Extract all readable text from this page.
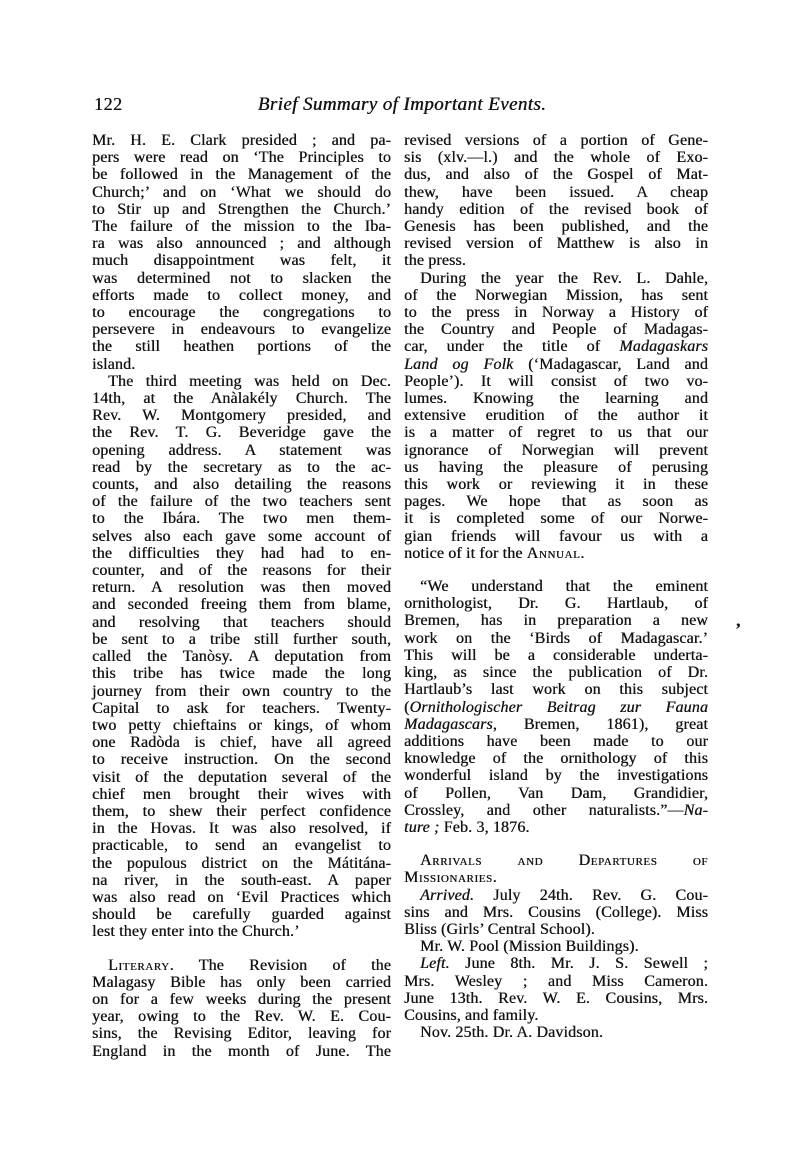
122	Brief Summary of Important Events.
Mr. H. E. Clark presided ; and pa-
pers were read on ‘The Principles to
be followed in the Management of the
Church;’ and on ‘What we should do
to Stir up and Strengthen the Church.’
The failure of the mission to the Iba-
ra was also announced ; and although
much disappointment was felt, it
was determined not to slacken the
efforts made to collect money, and
to encourage the congregations to
persevere in endeavours to evangelize
the still heathen portions of the
island.
The third meeting was held on Dec.
14th, at the Anàlakély Church. The
Rev. W. Montgomery presided, and
the Rev. T. G. Beveridge gave the
opening address. A statement was
read by the secretary as to the ac-
counts, and also detailing the reasons
of the failure of the two teachers sent
to the Ibára. The two men them-
selves also each gave some account of
the difficulties they had had to en-
counter, and of the reasons for their
return. A resolution was then moved
and seconded freeing them from blame,
and resolving that teachers should
be sent to a tribe still further south,
called the Tanòsy. A deputation from
this tribe has twice made the long
journey from their own country to the
Capital to ask for teachers. Twenty-
two petty chieftains or kings, of whom
one Radòda is chief, have all agreed
to receive instruction. On the second
visit of the deputation several of the
chief men brought their wives with
them, to shew their perfect confidence
in the Hovas. It was also resolved, if
practicable, to send an evangelist to
the populous district on the Mátitána-
na river, in the south-east. A paper
was also read on ‘Evil Practices which
should be carefully guarded against
lest they enter into the Church.’
Literary. The Revision of the
Malagasy Bible has only been carried
on for a few weeks during the present
year, owing to the Rev. W. E. Cou-
sins, the Revising Editor, leaving for
England in the month of June. The
revised versions of a portion of Gene-
sis (xlv.—l.) and the whole of Exo-
dus, and also of the Gospel of Mat-
thew, have been issued. A cheap
handy edition of the revised book of
Genesis has been published, and the
revised version of Matthew is also in
the press.
During the year the Rev. L. Dahle,
of the Norwegian Mission, has sent
to the press in Norway a History of
the Country and People of Madagas-
car, under the title of Madagaskars
Land og Folk (‘Madagascar, Land and
People’). It will consist of two vo-
lumes. Knowing the learning and
extensive erudition of the author it
is a matter of regret to us that our
ignorance of Norwegian will prevent
us having the pleasure of perusing
this work or reviewing it in these
pages. We hope that as soon as
it is completed some of our Norwe-
gian friends will favour us with a
notice of it for the Annual.
“We understand that the eminent
ornithologist, Dr. G. Hartlaub, of
Bremen, has in preparation a new
work on the ‘Birds of Madagascar.’
This will be a considerable underta-
king, as since the publication of Dr.
Hartlaub’s last work on this subject
(Ornithologischer Beitrag zur Fauna
Madagascars, Bremen, 1861), great
additions have been made to our
knowledge of the ornithology of this
wonderful island by the investigations
of Pollen, Van Dam, Grandidier,
Crossley, and other naturalists.”—Na-
ture ; Feb. 3, 1876.
Arrivals and Departures of
Missionaries.
Arrived. July 24th. Rev. G. Cou-
sins and Mrs. Cousins (College). Miss
Bliss (Girls’ Central School).
Mr. W. Pool (Mission Buildings).
Left. June 8th. Mr. J. S. Sewell ;
Mrs. Wesley ; and Miss Cameron.
June 13th. Rev. W. E. Cousins, Mrs.
Cousins, and family.
Nov. 25th. Dr. A. Davidson.
,
